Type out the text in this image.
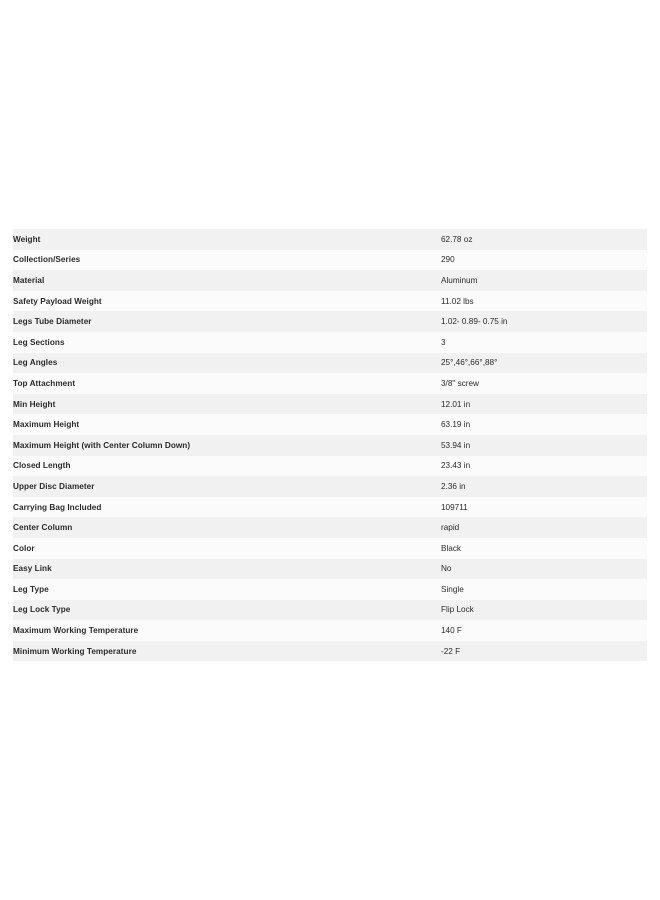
Weight	62.78 oz
Collection/Series	290
Material	Aluminum
Safety Payload Weight	11.02 lbs
Legs Tube Diameter	1.02- 0.89- 0.75 in
Leg Sections	3
Leg Angles	25°,46°,66°,88°
Top Attachment	3/8" screw
Min Height	12.01 in
Maximum Height	63.19 in
Maximum Height (with Center Column Down)	53.94 in
Closed Length	23.43 in
Upper Disc Diameter	2.36 in
Carrying Bag Included	109711
Center Column	rapid
Color	Black
Easy Link	No
Leg Type	Single
Leg Lock Type	Flip Lock
Maximum Working Temperature	140 F
Minimum Working Temperature	-22 F
